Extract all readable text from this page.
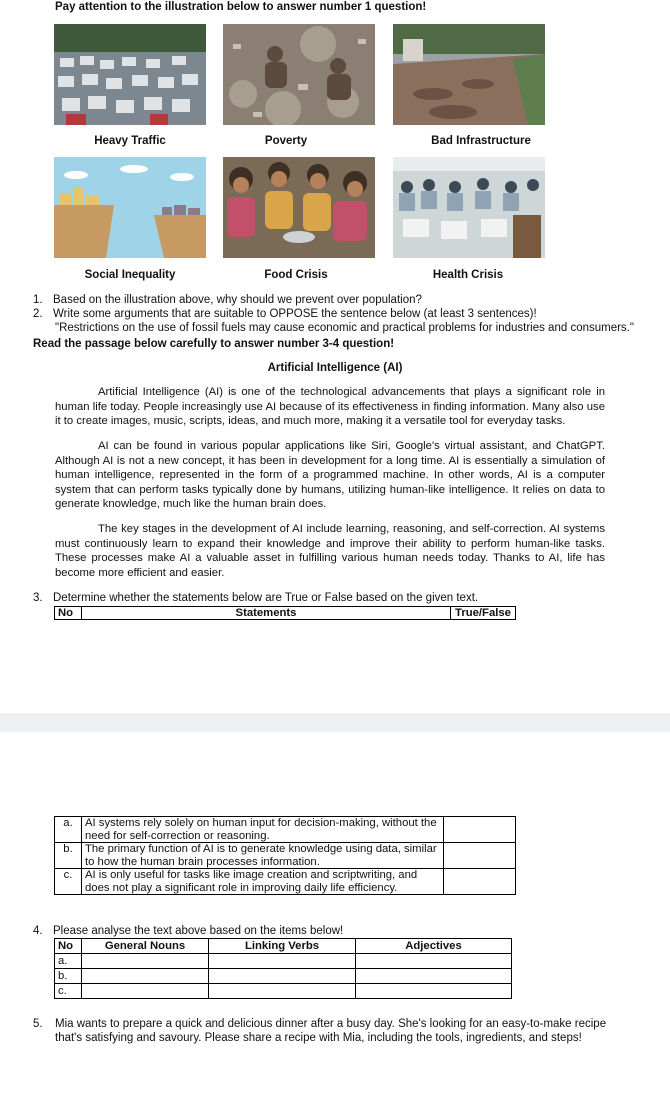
Pay attention to the illustration below to answer number 1 question!
Heavy Traffic	Poverty	Bad Infrastructure
Social Inequality	Food Crisis	Health Crisis
1. Based on the illustration above, why should we prevent over population?
2. Write some arguments that are suitable to OPPOSE the sentence below (at least 3 sentences)!
"Restrictions on the use of fossil fuels may cause economic and practical problems for industries and consumers."
Read the passage below carefully to answer number 3-4 question!
Artificial Intelligence (AI)
Artificial Intelligence (AI) is one of the technological advancements that plays a significant role in human life today. People increasingly use AI because of its effectiveness in finding information. Many also use it to create images, music, scripts, ideas, and much more, making it a versatile tool for everyday tasks.
AI can be found in various popular applications like Siri, Google's virtual assistant, and ChatGPT. Although AI is not a new concept, it has been in development for a long time. AI is essentially a simulation of human intelligence, represented in the form of a programmed machine. In other words, AI is a computer system that can perform tasks typically done by humans, utilizing human-like intelligence. It relies on data to generate knowledge, much like the human brain does.
The key stages in the development of AI include learning, reasoning, and self-correction. AI systems must continuously learn to expand their knowledge and improve their ability to perform human-like tasks. These processes make AI a valuable asset in fulfilling various human needs today. Thanks to AI, life has become more efficient and easier.
3. Determine whether the statements below are True or False based on the given text.
No	Statements	True/False
a.	AI systems rely solely on human input for decision-making, without the need for self-correction or reasoning.	
b.	The primary function of AI is to generate knowledge using data, similar to how the human brain processes information.	
c.	AI is only useful for tasks like image creation and scriptwriting, and does not play a significant role in improving daily life efficiency.	
4. Please analyse the text above based on the items below!
No	General Nouns	Linking Verbs	Adjectives
a.			
b.			
c.			
5.	Mia wants to prepare a quick and delicious dinner after a busy day. She's looking for an easy-to-make recipe that's satisfying and savoury. Please share a recipe with Mia, including the tools, ingredients, and steps!
